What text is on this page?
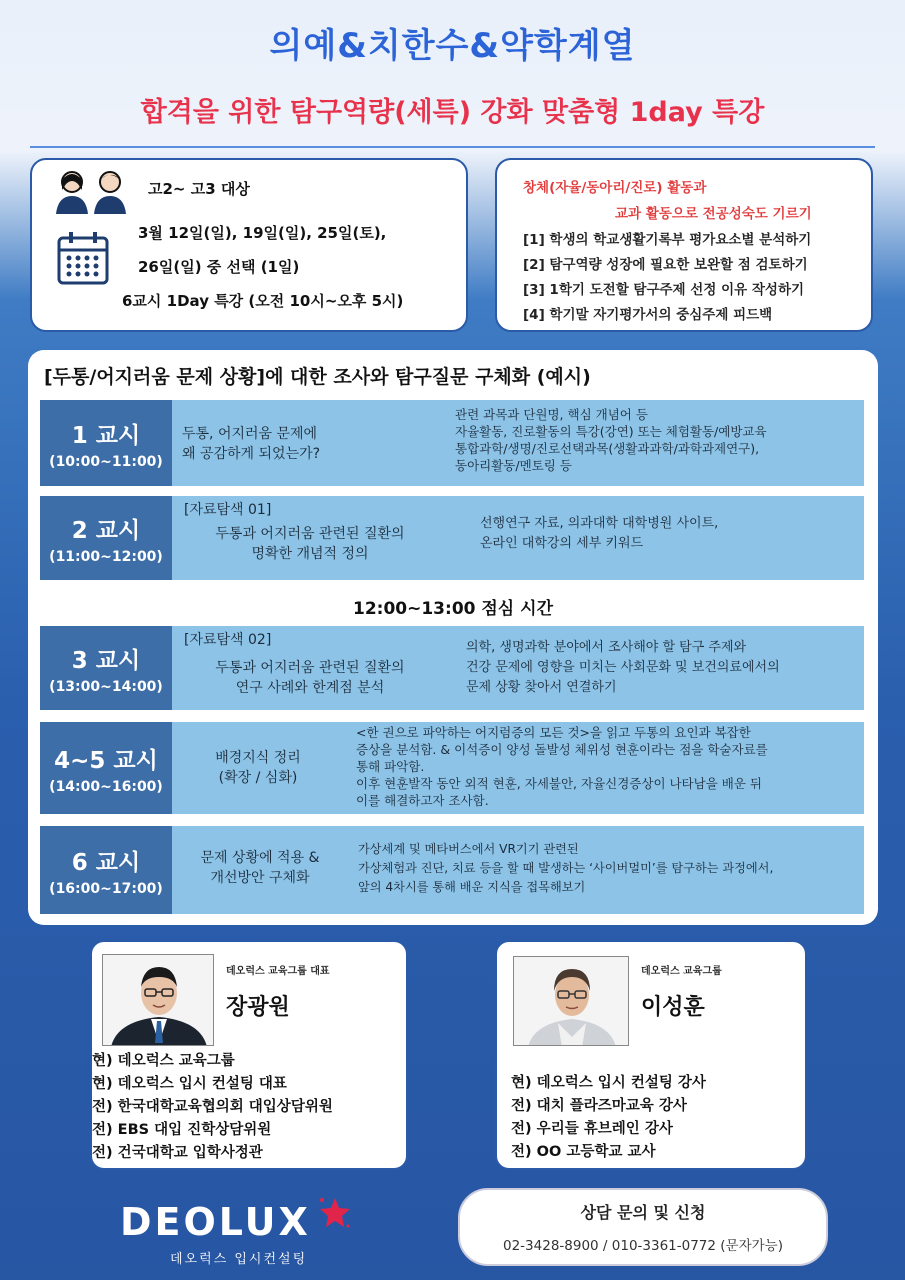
의예&치한수&약학계열
합격을 위한 탐구역량(세특) 강화 맞춤형 1day 특강
고2~ 고3 대상
3월 12일(일), 19일(일), 25일(토),
26일(일) 중 선택 (1일)
6교시 1Day 특강 (오전 10시~오후 5시)
창체(자율/동아리/진로) 활동과
교과 활동으로 전공성숙도 기르기
[1] 학생의 학교생활기록부 평가요소별 분석하기
[2] 탐구역량 성장에 필요한 보완할 점 검토하기
[3] 1학기 도전할 탐구주제 선정 이유 작성하기
[4] 학기말 자기평가서의 중심주제 피드백
[두통/어지러움 문제 상황]에 대한 조사와 탐구질문 구체화 (예시)
1 교시
(10:00~11:00)
두통, 어지러움 문제에
왜 공감하게 되었는가?
관련 과목과 단원명, 핵심 개념어 등
자율활동, 진로활동의 특강(강연) 또는 체험활동/예방교육
통합과학/생명/진로선택과목(생활과과학/과학과제연구),
동아리활동/멘토링 등
2 교시
(11:00~12:00)
[자료탐색 01]
두통과 어지러움 관련된 질환의
명확한 개념적 정의
선행연구 자료, 의과대학 대학병원 사이트,
온라인 대학강의 세부 키워드
12:00~13:00 점심 시간
3 교시
(13:00~14:00)
[자료탐색 02]
두통과 어지러움 관련된 질환의
연구 사례와 한계점 분석
의학, 생명과학 분야에서 조사해야 할 탐구 주제와
건강 문제에 영향을 미치는 사회문화 및 보건의료에서의
문제 상황 찾아서 연결하기
4~5 교시
(14:00~16:00)
배경지식 정리
(확장 / 심화)
<한 권으로 파악하는 어지럼증의 모든 것>을 읽고 두통의 요인과 복잡한
증상을 분석함. & 이석증이 양성 돌발성 체위성 현훈이라는 점을 학술자료를
통해 파악함.
이후 현훈발작 동안 외적 현훈, 자세불안, 자율신경증상이 나타남을 배운 뒤
이를 해결하고자 조사함.
6 교시
(16:00~17:00)
문제 상황에 적용 &
개선방안 구체화
가상세계 및 메타버스에서 VR기기 관련된
가상체험과 진단, 치료 등을 할 때 발생하는 ‘사이버멀미’를 탐구하는 과정에서,
앞의 4차시를 통해 배운 지식을 접목해보기
데오럭스 교육그룹 대표
장광원
현) 데오럭스 교육그룹
현) 데오럭스 입시 컨설팅 대표
전) 한국대학교육협의회 대입상담위원
전) EBS 대입 진학상담위원
전) 건국대학교 입학사정관
데오럭스 교육그룹
이성훈
현) 데오럭스 입시 컨설팅 강사
전) 대치 플라즈마교육 강사
전) 우리들 휴브레인 강사
전) OO 고등학교 교사
DEOLUX
데오럭스 입시컨설팅
상담 문의 및 신청
02-3428-8900 / 010-3361-0772 (문자가능)
